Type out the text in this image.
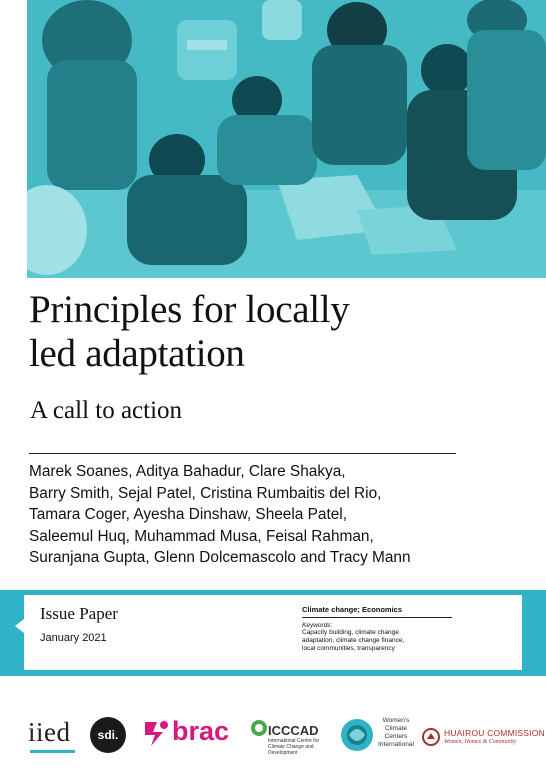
Principles for locally
led adaptation
A call to action
Marek Soanes, Aditya Bahadur, Clare Shakya,
Barry Smith, Sejal Patel, Cristina Rumbaitis del Rio,
Tamara Coger, Ayesha Dinshaw, Sheela Patel,
Saleemul Huq, Muhammad Musa, Feisal Rahman,
Suranjana Gupta, Glenn Dolcemascolo and Tracy Mann
Issue Paper
January 2021
Climate change; Economics
Keywords:
Capacity building, climate change
adaptation, climate change finance,
local communities, transparency
iied	sdi. brac	ICCCAD
International Centre for Climate Change and Development
Women's Climate Centers International
HUAIROU COMMISSION
Women, Homes & Community
